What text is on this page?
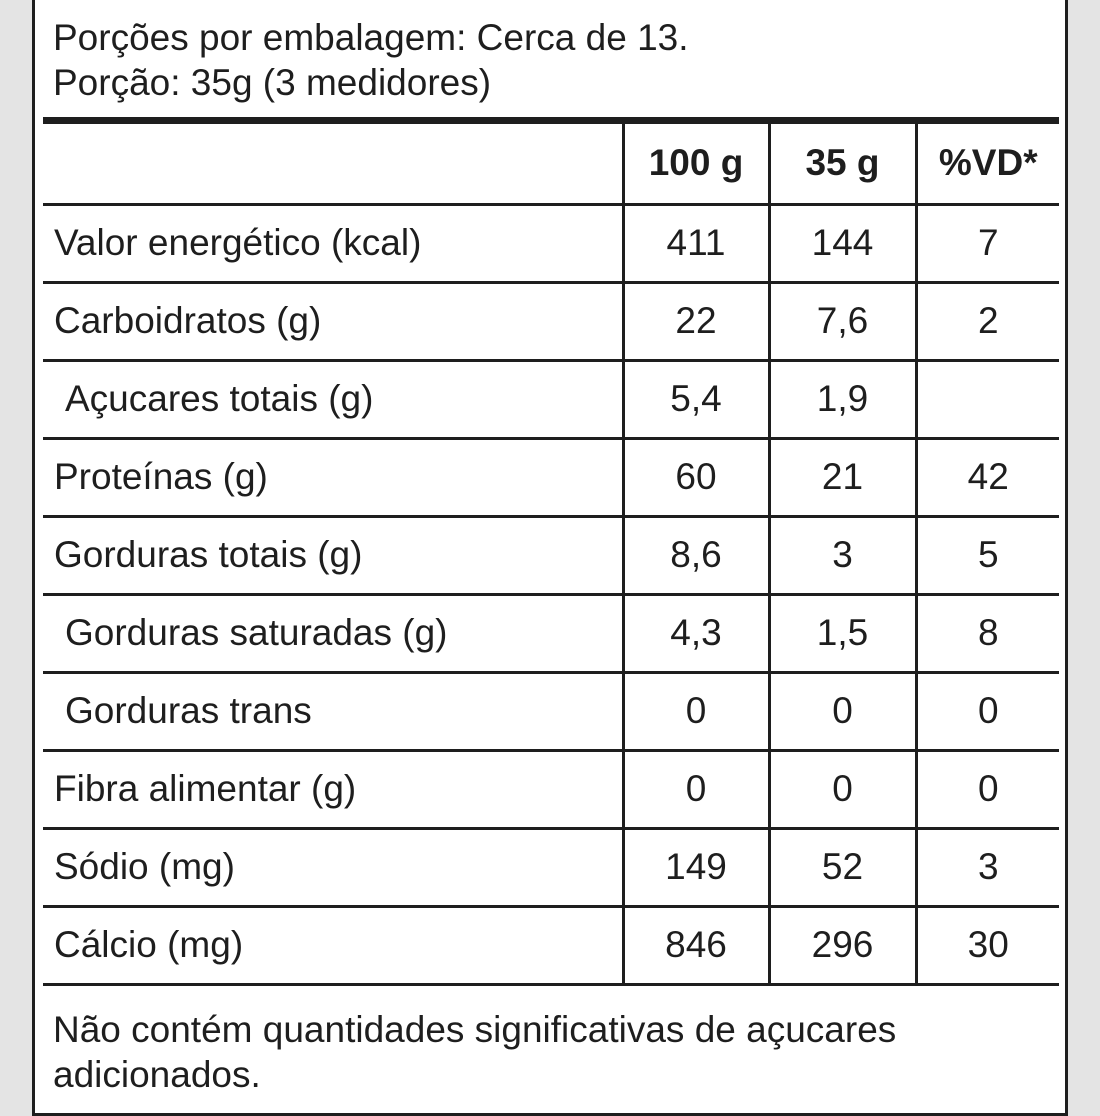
Porções por embalagem: Cerca de 13.
Porção: 35g (3 medidores)
	100 g	35 g	%VD*
Valor energético (kcal)	411	144	7
Carboidratos (g)	22	7,6	2
Açucares totais (g)	5,4	1,9	
Proteínas (g)	60	21	42
Gorduras totais (g)	8,6	3	5
Gorduras saturadas (g)	4,3	1,5	8
Gorduras trans	0	0	0
Fibra alimentar (g)	0	0	0
Sódio (mg)	149	52	3
Cálcio (mg)	846	296	30
Não contém quantidades significativas de açucares adicionados.
